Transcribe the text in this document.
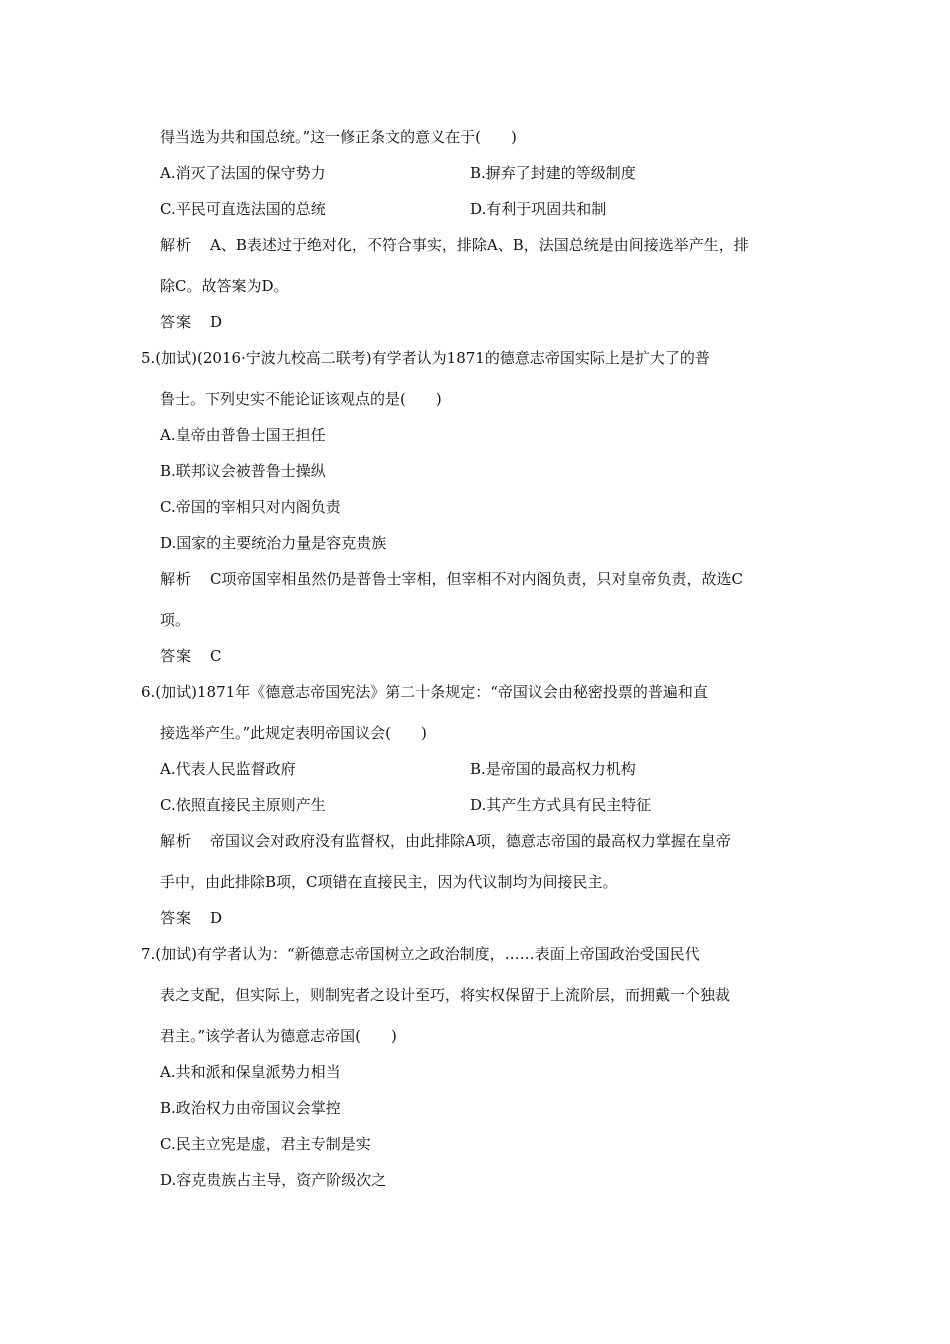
得当选为共和国总统。”这一修正条文的意义在于(　　)
A.消灭了法国的保守势力	B.摒弃了封建的等级制度
C.平民可直选法国的总统	D.有利于巩固共和制
解析 A、B表述过于绝对化，不符合事实，排除A、B，法国总统是由间接选举产生，排
除C。故答案为D。
答案 D
5.(加试)(2016·宁波九校高二联考)有学者认为1871的德意志帝国实际上是扩大了的普
鲁士。下列史实不能论证该观点的是(　　)
A.皇帝由普鲁士国王担任
B.联邦议会被普鲁士操纵
C.帝国的宰相只对内阁负责
D.国家的主要统治力量是容克贵族
解析 C项帝国宰相虽然仍是普鲁士宰相，但宰相不对内阁负责，只对皇帝负责，故选C
项。
答案 C
6.(加试)1871年《德意志帝国宪法》第二十条规定：“帝国议会由秘密投票的普遍和直
接选举产生。”此规定表明帝国议会(　　)
A.代表人民监督政府	B.是帝国的最高权力机构
C.依照直接民主原则产生	D.其产生方式具有民主特征
解析 帝国议会对政府没有监督权，由此排除A项，德意志帝国的最高权力掌握在皇帝
手中，由此排除B项，C项错在直接民主，因为代议制均为间接民主。
答案 D
7.(加试)有学者认为：“新德意志帝国树立之政治制度，……表面上帝国政治受国民代
表之支配，但实际上，则制宪者之设计至巧，将实权保留于上流阶层，而拥戴一个独裁
君主。”该学者认为德意志帝国(　　)
A.共和派和保皇派势力相当
B.政治权力由帝国议会掌控
C.民主立宪是虚，君主专制是实
D.容克贵族占主导，资产阶级次之
